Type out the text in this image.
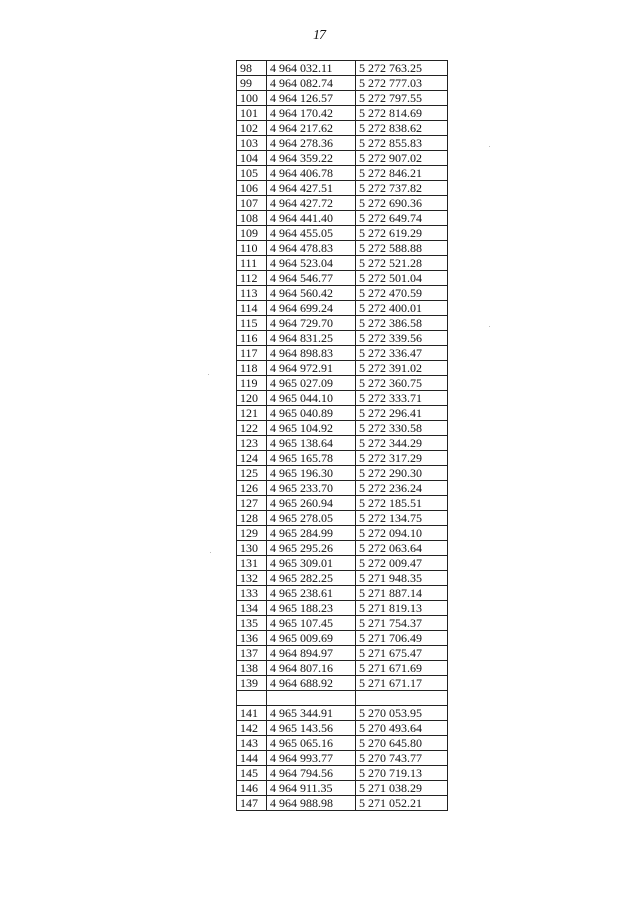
17
98	4 964 032.11	5 272 763.25
99	4 964 082.74	5 272 777.03
100	4 964 126.57	5 272 797.55
101	4 964 170.42	5 272 814.69
102	4 964 217.62	5 272 838.62
103	4 964 278.36	5 272 855.83
104	4 964 359.22	5 272 907.02
105	4 964 406.78	5 272 846.21
106	4 964 427.51	5 272 737.82
107	4 964 427.72	5 272 690.36
108	4 964 441.40	5 272 649.74
109	4 964 455.05	5 272 619.29
110	4 964 478.83	5 272 588.88
111	4 964 523.04	5 272 521.28
112	4 964 546.77	5 272 501.04
113	4 964 560.42	5 272 470.59
114	4 964 699.24	5 272 400.01
115	4 964 729.70	5 272 386.58
116	4 964 831.25	5 272 339.56
117	4 964 898.83	5 272 336.47
118	4 964 972.91	5 272 391.02
119	4 965 027.09	5 272 360.75
120	4 965 044.10	5 272 333.71
121	4 965 040.89	5 272 296.41
122	4 965 104.92	5 272 330.58
123	4 965 138.64	5 272 344.29
124	4 965 165.78	5 272 317.29
125	4 965 196.30	5 272 290.30
126	4 965 233.70	5 272 236.24
127	4 965 260.94	5 272 185.51
128	4 965 278.05	5 272 134.75
129	4 965 284.99	5 272 094.10
130	4 965 295.26	5 272 063.64
131	4 965 309.01	5 272 009.47
132	4 965 282.25	5 271 948.35
133	4 965 238.61	5 271 887.14
134	4 965 188.23	5 271 819.13
135	4 965 107.45	5 271 754.37
136	4 965 009.69	5 271 706.49
137	4 964 894.97	5 271 675.47
138	4 964 807.16	5 271 671.69
139	4 964 688.92	5 271 671.17

141	4 965 344.91	5 270 053.95
142	4 965 143.56	5 270 493.64
143	4 965 065.16	5 270 645.80
144	4 964 993.77	5 270 743.77
145	4 964 794.56	5 270 719.13
146	4 964 911.35	5 271 038.29
147	4 964 988.98	5 271 052.21
